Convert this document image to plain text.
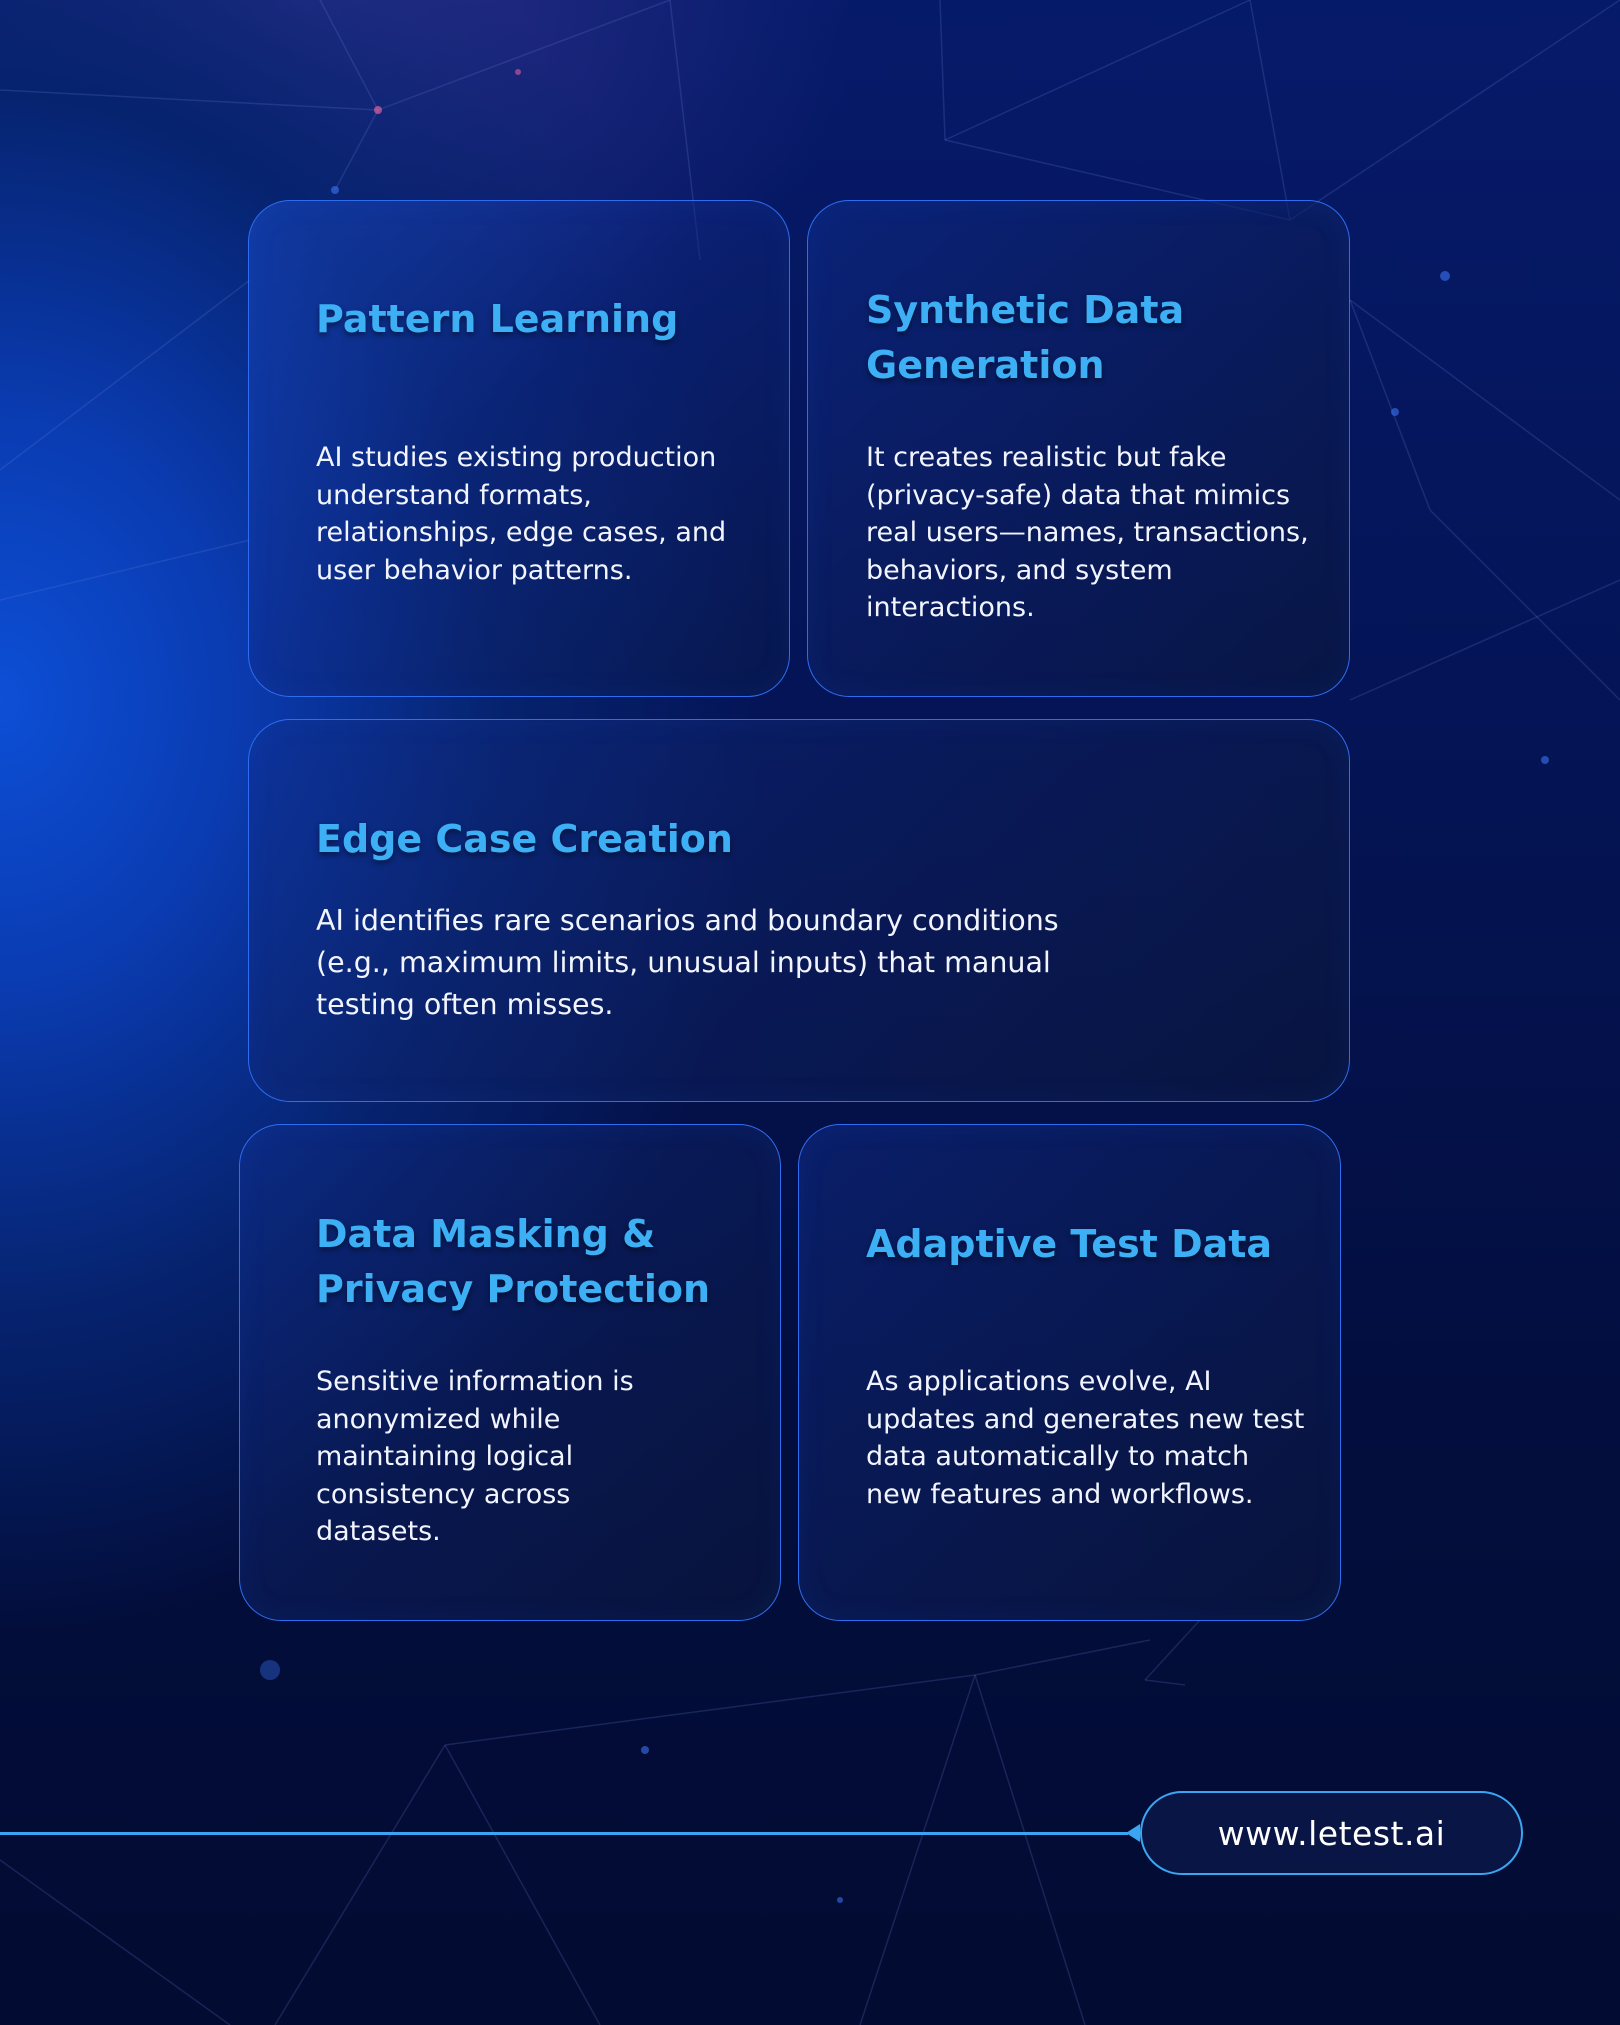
Pattern Learning

AI studies existing production understand formats, relationships, edge cases, and user behavior patterns.

Synthetic Data Generation

It creates realistic but fake (privacy-safe) data that mimics real users—names, transactions, behaviors, and system interactions.

Edge Case Creation

AI identifies rare scenarios and boundary conditions (e.g., maximum limits, unusual inputs) that manual testing often misses.

Data Masking & Privacy Protection

Sensitive information is anonymized while maintaining logical consistency across datasets.

Adaptive Test Data

As applications evolve, AI updates and generates new test data automatically to match new features and workflows.

www.letest.ai
